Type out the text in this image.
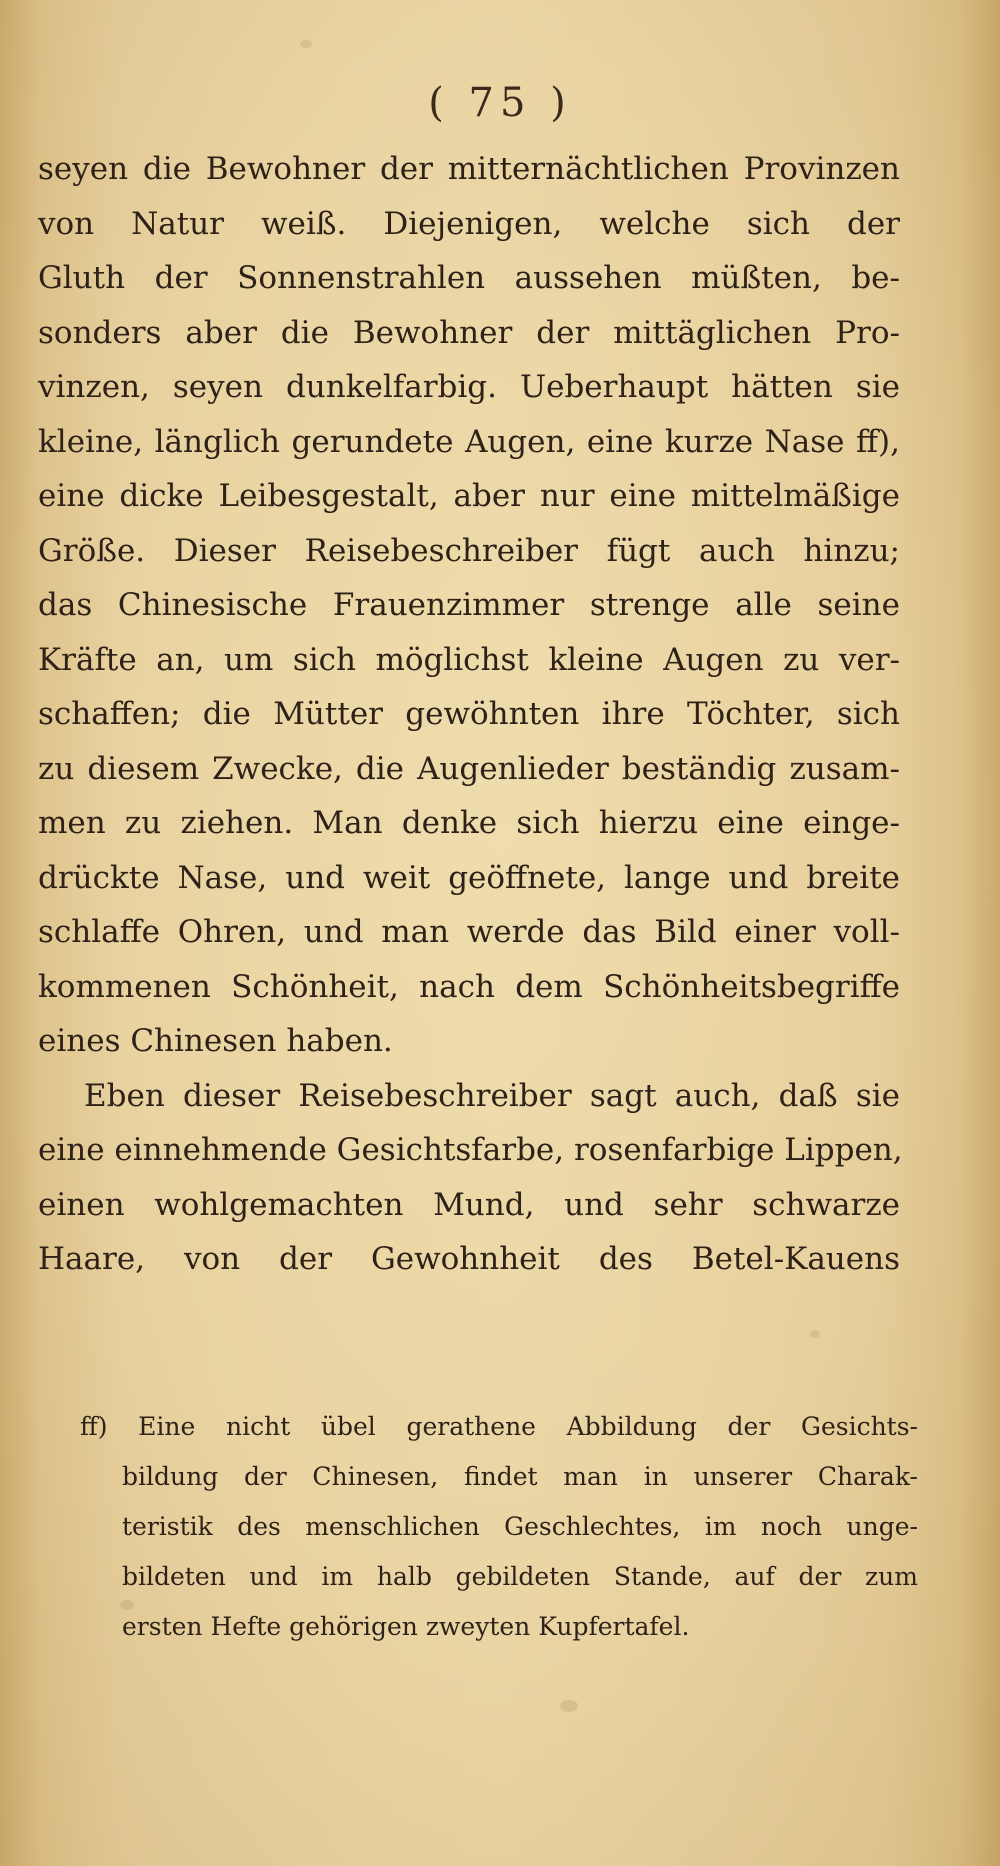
( 75 )
seyen die Bewohner der mitternächtlichen Provinzen
von Natur weiß. Diejenigen, welche sich der
Gluth der Sonnenstrahlen aussehen müßten, be-
sonders aber die Bewohner der mittäglichen Pro-
vinzen, seyen dunkelfarbig. Ueberhaupt hätten sie
kleine, länglich gerundete Augen, eine kurze Nase ff),
eine dicke Leibesgestalt, aber nur eine mittelmäßige
Größe. Dieser Reisebeschreiber fügt auch hinzu;
das Chinesische Frauenzimmer strenge alle seine
Kräfte an, um sich möglichst kleine Augen zu ver-
schaffen; die Mütter gewöhnten ihre Töchter, sich
zu diesem Zwecke, die Augenlieder beständig zusam-
men zu ziehen. Man denke sich hierzu eine einge-
drückte Nase, und weit geöffnete, lange und breite
schlaffe Ohren, und man werde das Bild einer voll-
kommenen Schönheit, nach dem Schönheitsbegriffe
eines Chinesen haben.
Eben dieser Reisebeschreiber sagt auch, daß sie
eine einnehmende Gesichtsfarbe, rosenfarbige Lippen,
einen wohlgemachten Mund, und sehr schwarze
Haare, von der Gewohnheit des Betel-Kauens
ff) Eine nicht übel gerathene Abbildung der Gesichts-
bildung der Chinesen, findet man in unserer Charak-
teristik des menschlichen Geschlechtes, im noch unge-
bildeten und im halb gebildeten Stande, auf der zum
ersten Hefte gehörigen zweyten Kupfertafel.
